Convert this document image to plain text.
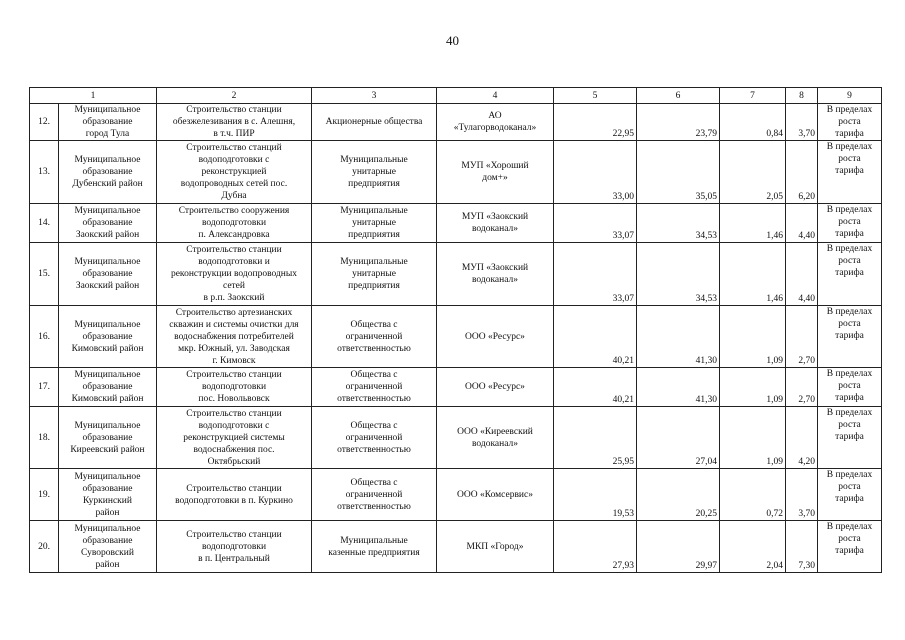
40
1		2	3	4	5	6	7	8	9
12.	Муниципальное
образование
город Тула	Строительство станции
обезжелезивания в с. Алешня,
в т.ч. ПИР	Акционерные общества	АО
«Тулагорводоканал»	22,95	23,79	0,84	3,70	В пределах
роста
тарифа
13.	Муниципальное
образование
Дубенский район	Строительство станций
водоподготовки с
реконструкцией
водопроводных сетей пос.
Дубна	Муниципальные
унитарные
предприятия	МУП «Хороший
дом+»	33,00	35,05	2,05	6,20	В пределах
роста
тарифа
14.	Муниципальное
образование
Заокский район	Строительство сооружения
водоподготовки
п. Александровка	Муниципальные
унитарные
предприятия	МУП «Заокский
водоканал»	33,07	34,53	1,46	4,40	В пределах
роста
тарифа
15.	Муниципальное
образование
Заокский район	Строительство станции
водоподготовки и
реконструкции водопроводных
сетей
в р.п. Заокский	Муниципальные
унитарные
предприятия	МУП «Заокский
водоканал»	33,07	34,53	1,46	4,40	В пределах
роста
тарифа
16.	Муниципальное
образование
Кимовский район	Строительство артезианских
скважин и системы очистки для
водоснабжения потребителей
мкр. Южный, ул. Заводская
г. Кимовск	Общества с
ограниченной
ответственностью	ООО «Ресурс»	40,21	41,30	1,09	2,70	В пределах
роста
тарифа
17.	Муниципальное
образование
Кимовский район	Строительство станции
водоподготовки
пос. Новольвовск	Общества с
ограниченной
ответственностью	ООО «Ресурс»	40,21	41,30	1,09	2,70	В пределах
роста
тарифа
18.	Муниципальное
образование
Киреевский район	Строительство станции
водоподготовки с
реконструкцией системы
водоснабжения пос.
Октябрьский	Общества с
ограниченной
ответственностью	ООО «Киреевский
водоканал»	25,95	27,04	1,09	4,20	В пределах
роста
тарифа
19.	Муниципальное
образование
Куркинский
район	Строительство станции
водоподготовки в п. Куркино	Общества с
ограниченной
ответственностью	ООО «Комсервис»	19,53	20,25	0,72	3,70	В пределах
роста
тарифа
20.	Муниципальное
образование
Суворовский
район	Строительство станции
водоподготовки
в п. Центральный	Муниципальные
казенные предприятия	МКП «Город»	27,93	29,97	2,04	7,30	В пределах
роста
тарифа
